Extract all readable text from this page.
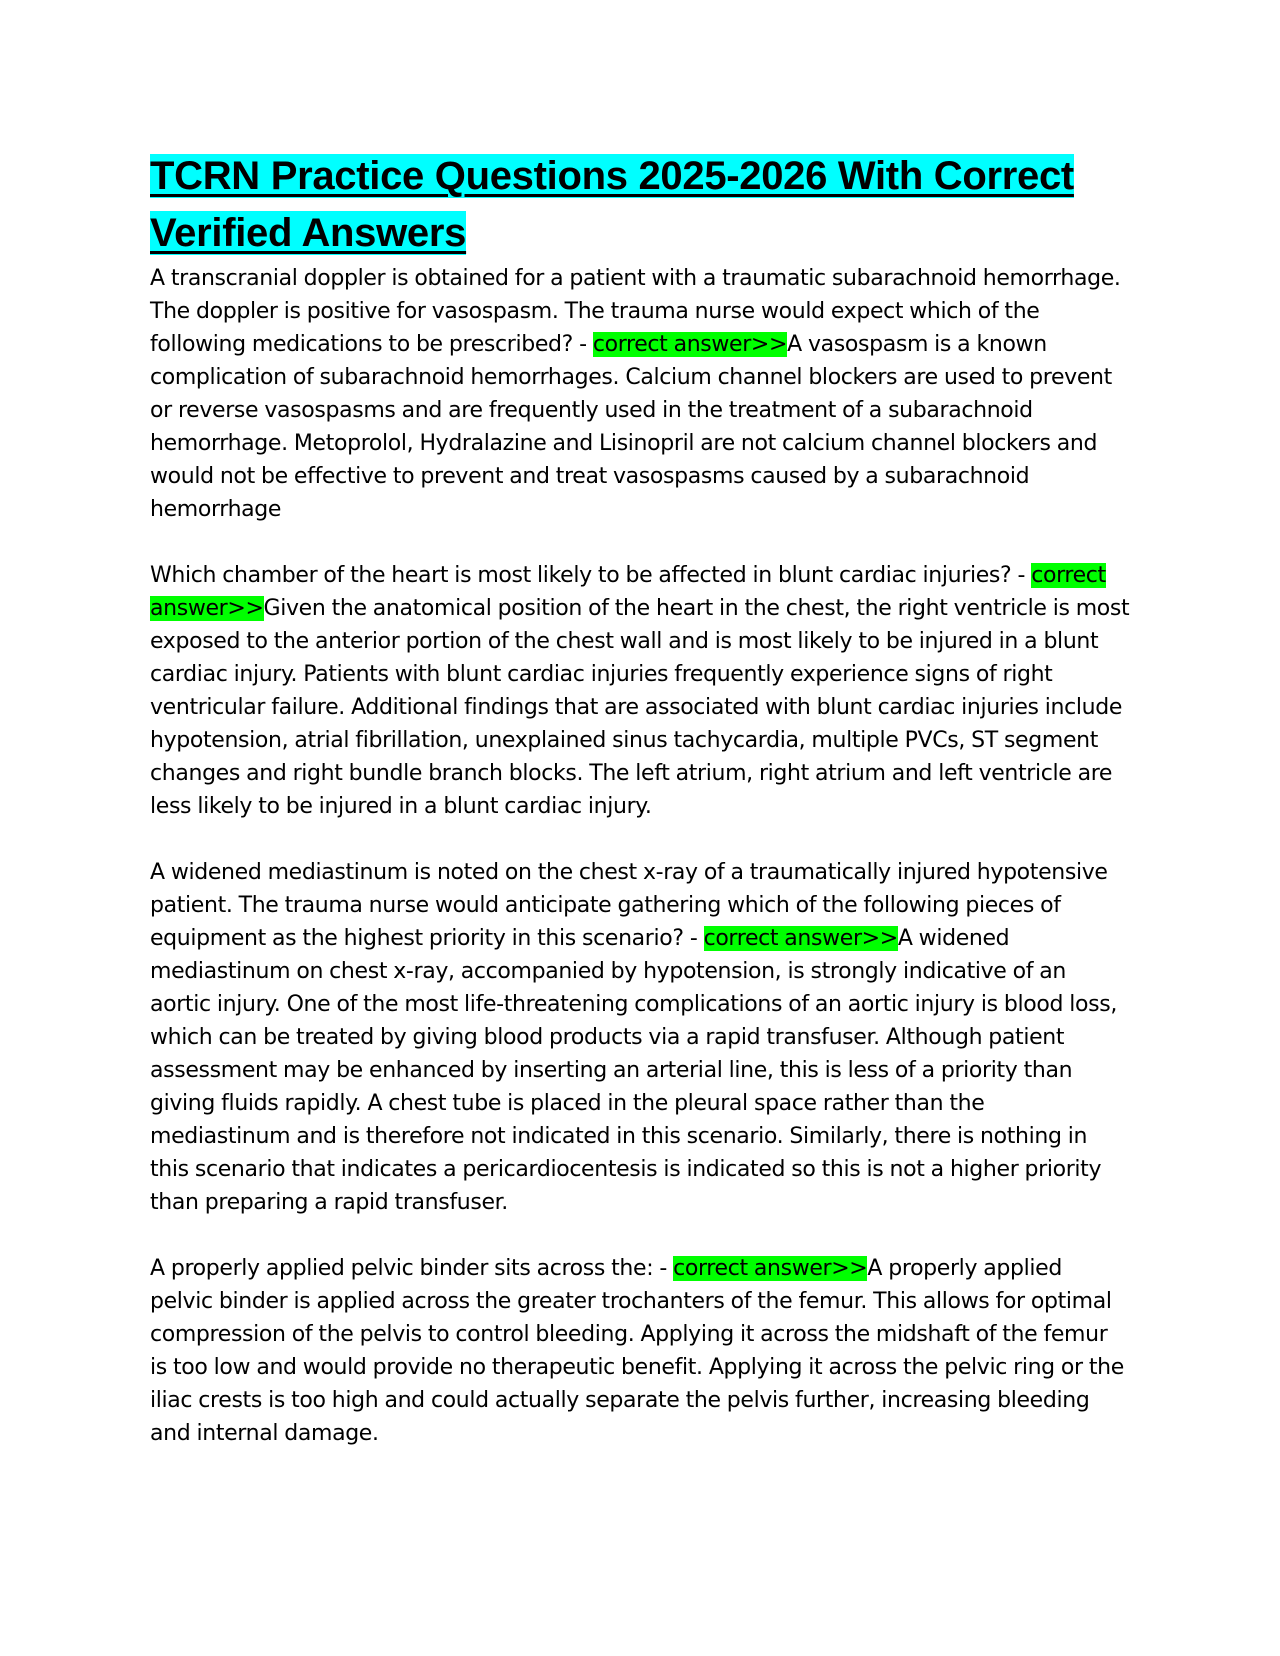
TCRN Practice Questions 2025-2026 With Correct Verified Answers

A transcranial doppler is obtained for a patient with a traumatic subarachnoid hemorrhage. The doppler is positive for vasospasm. The trauma nurse would expect which of the following medications to be prescribed? - correct answer>>A vasospasm is a known complication of subarachnoid hemorrhages. Calcium channel blockers are used to prevent or reverse vasospasms and are frequently used in the treatment of a subarachnoid hemorrhage. Metoprolol, Hydralazine and Lisinopril are not calcium channel blockers and would not be effective to prevent and treat vasospasms caused by a subarachnoid hemorrhage

Which chamber of the heart is most likely to be affected in blunt cardiac injuries? - correct answer>>Given the anatomical position of the heart in the chest, the right ventricle is most exposed to the anterior portion of the chest wall and is most likely to be injured in a blunt cardiac injury. Patients with blunt cardiac injuries frequently experience signs of right ventricular failure. Additional findings that are associated with blunt cardiac injuries include hypotension, atrial fibrillation, unexplained sinus tachycardia, multiple PVCs, ST segment changes and right bundle branch blocks. The left atrium, right atrium and left ventricle are less likely to be injured in a blunt cardiac injury.

A widened mediastinum is noted on the chest x-ray of a traumatically injured hypotensive patient. The trauma nurse would anticipate gathering which of the following pieces of equipment as the highest priority in this scenario? - correct answer>>A widened mediastinum on chest x-ray, accompanied by hypotension, is strongly indicative of an aortic injury. One of the most life-threatening complications of an aortic injury is blood loss, which can be treated by giving blood products via a rapid transfuser. Although patient assessment may be enhanced by inserting an arterial line, this is less of a priority than giving fluids rapidly. A chest tube is placed in the pleural space rather than the mediastinum and is therefore not indicated in this scenario. Similarly, there is nothing in this scenario that indicates a pericardiocentesis is indicated so this is not a higher priority than preparing a rapid transfuser.

A properly applied pelvic binder sits across the: - correct answer>>A properly applied pelvic binder is applied across the greater trochanters of the femur. This allows for optimal compression of the pelvis to control bleeding. Applying it across the midshaft of the femur is too low and would provide no therapeutic benefit. Applying it across the pelvic ring or the iliac crests is too high and could actually separate the pelvis further, increasing bleeding and internal damage.
